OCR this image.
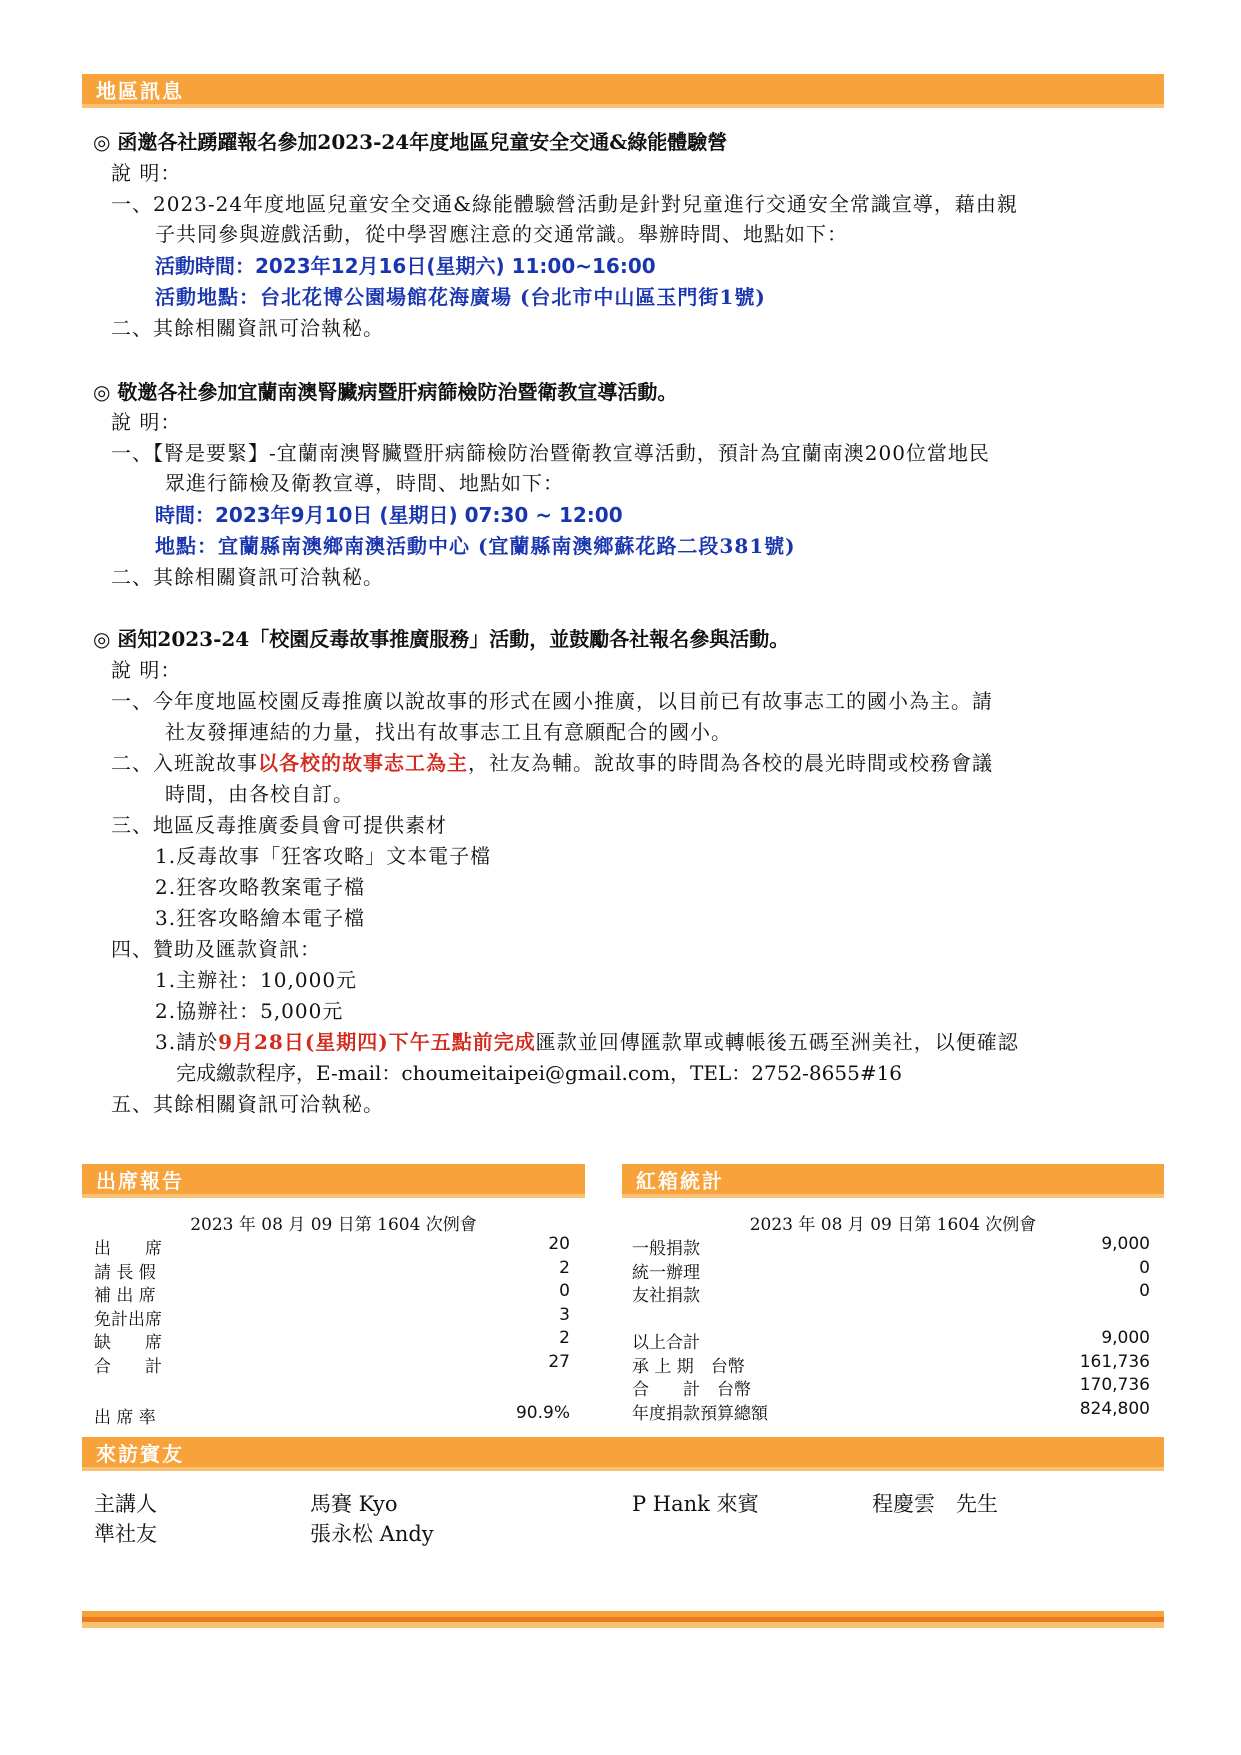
地區訊息
◎ 函邀各社踴躍報名參加2023-24年度地區兒童安全交通&綠能體驗營
說 明：
一、2023-24年度地區兒童安全交通&綠能體驗營活動是針對兒童進行交通安全常識宣導，藉由親
子共同參與遊戲活動，從中學習應注意的交通常識。舉辦時間、地點如下：
活動時間：2023年12月16日(星期六) 11:00~16:00
活動地點：台北花博公園場館花海廣場 (台北市中山區玉門街1號)
二、其餘相關資訊可洽執秘。
◎ 敬邀各社參加宜蘭南澳腎臟病暨肝病篩檢防治暨衛教宣導活動。
說 明：
一、【腎是要緊】-宜蘭南澳腎臟暨肝病篩檢防治暨衛教宣導活動，預計為宜蘭南澳200位當地民
眾進行篩檢及衛教宣導，時間、地點如下：
時間：2023年9月10日 (星期日) 07:30 ~ 12:00
地點：宜蘭縣南澳鄉南澳活動中心 (宜蘭縣南澳鄉蘇花路二段381號)
二、其餘相關資訊可洽執秘。
◎ 函知2023-24「校園反毒故事推廣服務」活動，並鼓勵各社報名參與活動。
說 明：
一、今年度地區校園反毒推廣以說故事的形式在國小推廣，以目前已有故事志工的國小為主。請
社友發揮連結的力量，找出有故事志工且有意願配合的國小。
二、入班說故事以各校的故事志工為主，社友為輔。說故事的時間為各校的晨光時間或校務會議
時間，由各校自訂。
三、地區反毒推廣委員會可提供素材
1.反毒故事「狂客攻略」文本電子檔
2.狂客攻略教案電子檔
3.狂客攻略繪本電子檔
四、贊助及匯款資訊：
1.主辦社：10,000元
2.協辦社：5,000元
3.請於9月28日(星期四)下午五點前完成匯款並回傳匯款單或轉帳後五碼至洲美社，以便確認
完成繳款程序，E-mail：choumeitaipei@gmail.com，TEL：2752-8655#16
五、其餘相關資訊可洽執秘。
出席報告
2023 年 08 月 09 日第 1604 次例會
出　　席	20
請 長 假	2
補 出 席	0
免計出席	3
缺　　席	2
合　　計	27
出 席 率	90.9%
紅箱統計
2023 年 08 月 09 日第 1604 次例會
一般捐款	9,000
統一辦理	0
友社捐款	0
以上合計	9,000
承 上 期　台幣	161,736
合　　計　台幣	170,736
年度捐款預算總額	824,800
來訪賓友
主講人	馬賽 Kyo	P Hank 來賓	程慶雲　先生
準社友	張永松 Andy
